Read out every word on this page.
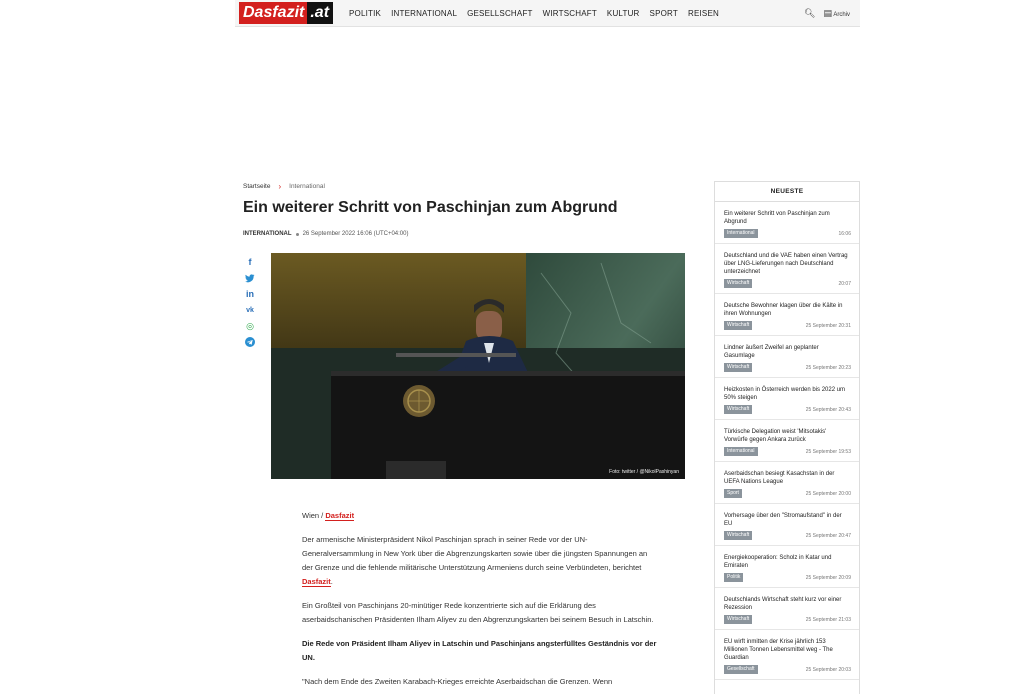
Dasfazit .at	POLITIK INTERNATIONAL GESELLSCHAFT WIRTSCHAFT KULTUR SPORT REISEN	🔍︎ ▤ Archiv
Startseite › International
Ein weiterer Schritt von Paschinjan zum Abgrund
INTERNATIONAL 26 September 2022 16:06 (UTC+04:00)
f
in
vk
◎
Foto: twitter / @NikolPashinyan

Wien / Dasfazit

Der armenische Ministerpräsident Nikol Paschinjan sprach in seiner Rede vor der UN-Generalversammlung in New York über die Abgrenzungskarten sowie über die jüngsten Spannungen an der Grenze und die fehlende militärische Unterstützung Armeniens durch seine Verbündeten, berichtet Dasfazit.

Ein Großteil von Paschinjans 20-minütiger Rede konzentrierte sich auf die Erklärung des aserbaidschanischen Präsidenten Ilham Aliyev zu den Abgrenzungskarten bei seinem Besuch in Latschin.

Die Rede von Präsident Ilham Aliyev in Latschin und Paschinjans angsterfülltes Geständnis vor der UN.

"Nach dem Ende des Zweiten Karabach-Krieges erreichte Aserbaidschan die Grenzen. Wenn

NEUESTE
Ein weiterer Schritt von Paschinjan zum Abgrund
International	16:06
Deutschland und die VAE haben einen Vertrag über LNG-Lieferungen nach Deutschland unterzeichnet
Wirtschaft	20:07
Deutsche Bewohner klagen über die Kälte in ihren Wohnungen
Wirtschaft	25 September 20:31
Lindner äußert Zweifel an geplanter Gasumlage
Wirtschaft	25 September 20:23
Heizkosten in Österreich werden bis 2022 um 50% steigen
Wirtschaft	25 September 20:43
Türkische Delegation weist 'Mitsotakis' Vorwürfe gegen Ankara zurück
International	25 September 19:53
Aserbaidschan besiegt Kasachstan in der UEFA Nations League
Sport	25 September 20:00
Vorhersage über den "Stromaufstand" in der EU
Wirtschaft	25 September 20:47
Energiekooperation: Scholz in Katar und Emiraten
Politik	25 September 20:09
Deutschlands Wirtschaft steht kurz vor einer Rezession
Wirtschaft	25 September 21:03
EU wirft inmitten der Krise jährlich 153 Millionen Tonnen Lebensmittel weg - The Guardian
Gesellschaft	25 September 20:03
